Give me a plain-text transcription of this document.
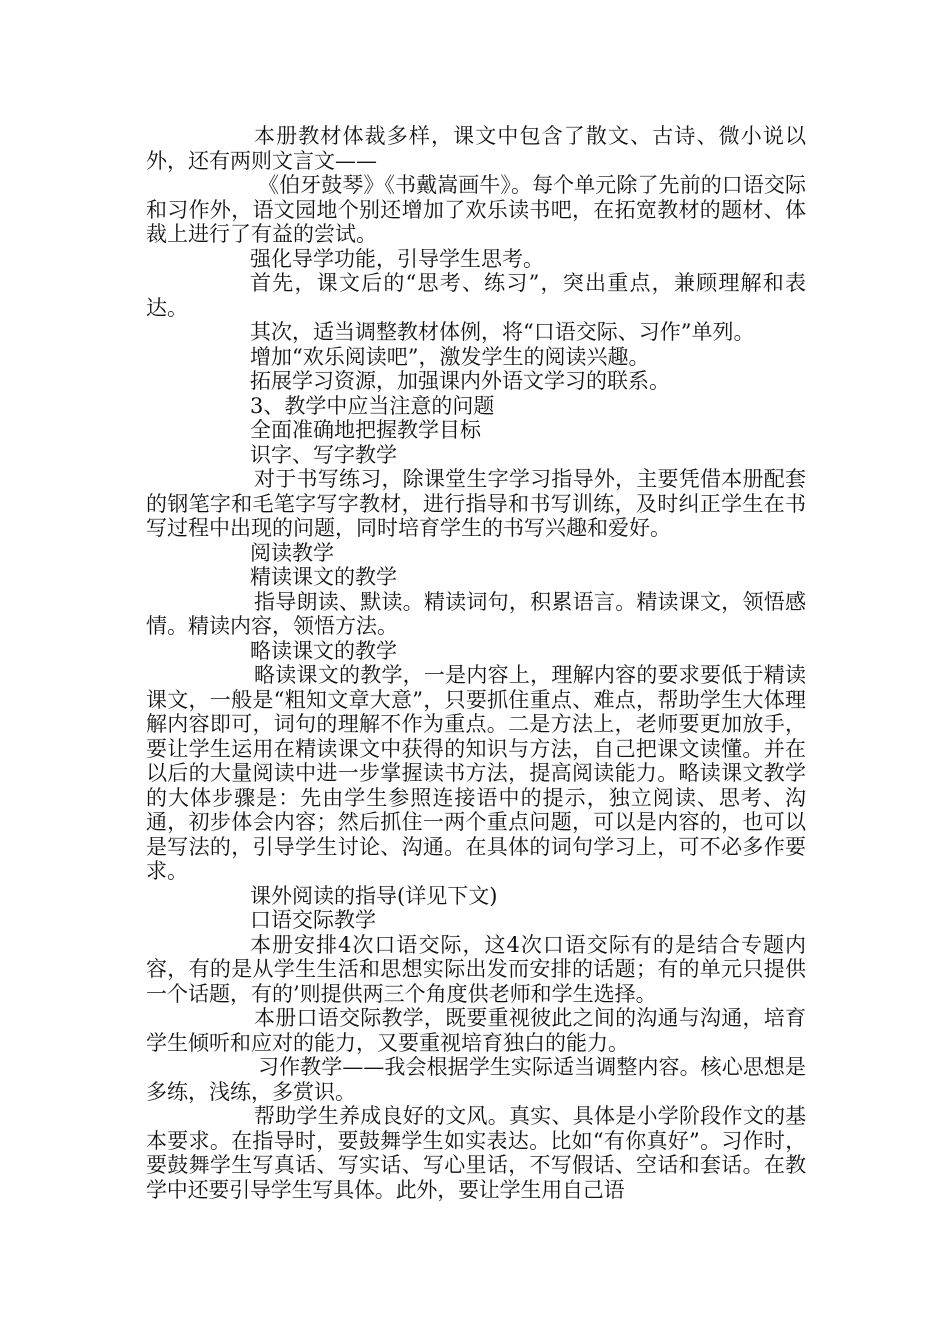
本册教材体裁多样，课文中包含了散文、古诗、微小说以外，还有两则文言文——

《伯牙鼓琴》《书戴嵩画牛》。每个单元除了先前的口语交际和习作外，语文园地个别还增加了欢乐读书吧，在拓宽教材的题材、体裁上进行了有益的尝试。

强化导学功能，引导学生思考。

首先，课文后的“思考、练习”，突出重点，兼顾理解和表达。

其次，适当调整教材体例，将“口语交际、习作”单列。

增加“欢乐阅读吧”，激发学生的阅读兴趣。

拓展学习资源，加强课内外语文学习的联系。

3、教学中应当注意的问题

全面准确地把握教学目标

识字、写字教学

对于书写练习，除课堂生字学习指导外，主要凭借本册配套的钢笔字和毛笔字写字教材，进行指导和书写训练，及时纠正学生在书写过程中出现的问题，同时培育学生的书写兴趣和爱好。

阅读教学

精读课文的教学

指导朗读、默读。精读词句，积累语言。精读课文，领悟感情。精读内容，领悟方法。

略读课文的教学

略读课文的教学，一是内容上，理解内容的要求要低于精读课文，一般是“粗知文章大意”，只要抓住重点、难点，帮助学生大体理解内容即可，词句的理解不作为重点。二是方法上，老师要更加放手，要让学生运用在精读课文中获得的知识与方法，自己把课文读懂。并在以后的大量阅读中进一步掌握读书方法，提高阅读能力。略读课文教学的大体步骤是：先由学生参照连接语中的提示，独立阅读、思考、沟通，初步体会内容；然后抓住一两个重点问题，可以是内容的，也可以是写法的，引导学生讨论、沟通。在具体的词句学习上，可不必多作要求。

课外阅读的指导(详见下文)

口语交际教学

本册安排4次口语交际，这4次口语交际有的是结合专题内容，有的是从学生生活和思想实际出发而安排的话题；有的单元只提供一个话题，有的’则提供两三个角度供老师和学生选择。

本册口语交际教学，既要重视彼此之间的沟通与沟通，培育学生倾听和应对的能力，又要重视培育独白的能力。

习作教学——我会根据学生实际适当调整内容。核心思想是多练，浅练，多赏识。

帮助学生养成良好的文风。真实、具体是小学阶段作文的基本要求。在指导时，要鼓舞学生如实表达。比如“有你真好”。习作时，要鼓舞学生写真话、写实话、写心里话，不写假话、空话和套话。在教学中还要引导学生写具体。此外，要让学生用自己语
